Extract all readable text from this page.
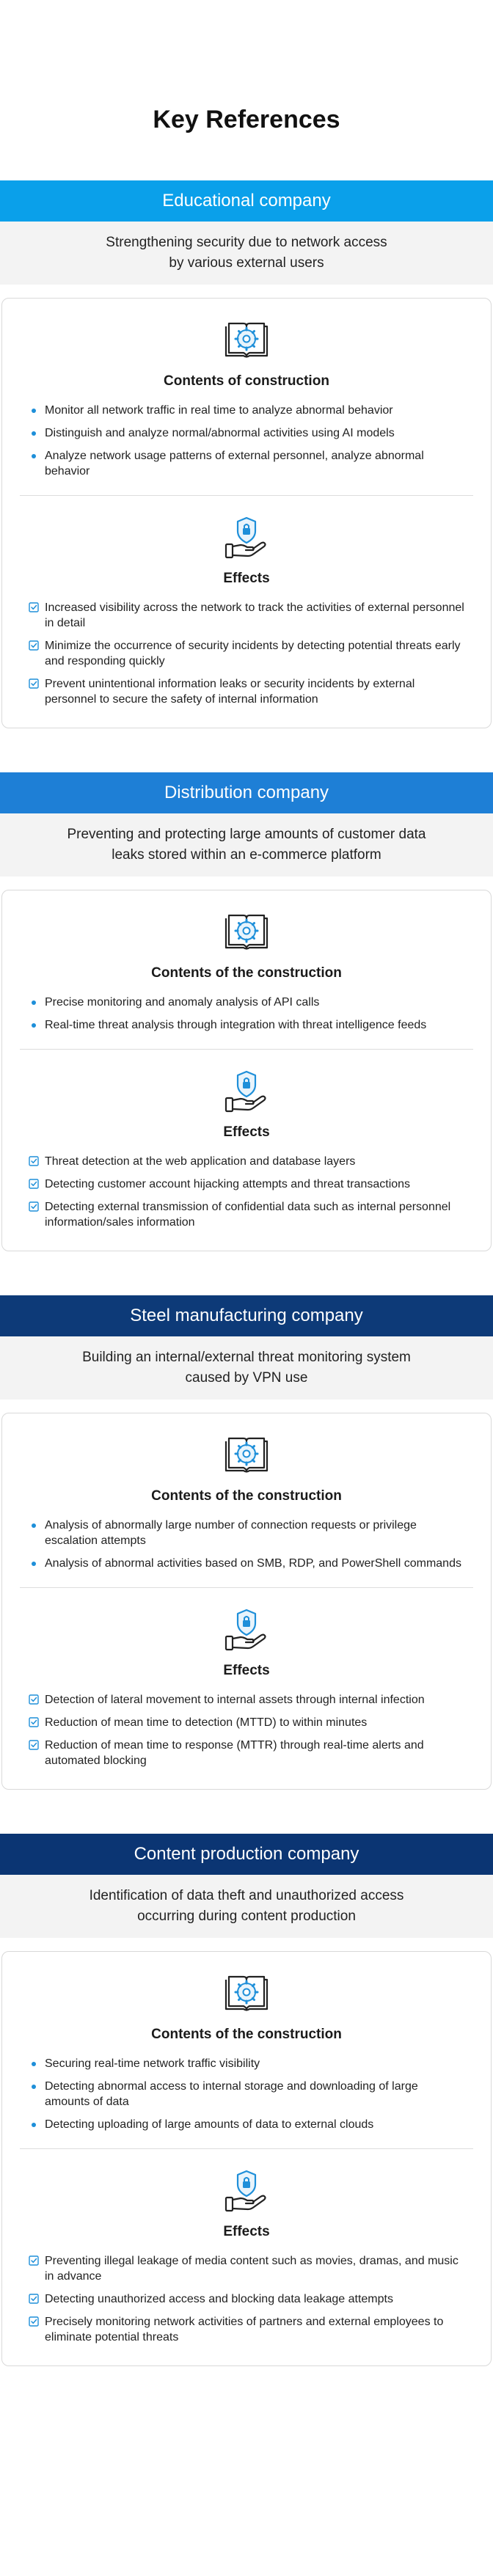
Key References
Educational company
Strengthening security due to network access
by various external users
Contents of construction
Monitor all network traffic in real time to analyze abnormal behavior
Distinguish and analyze normal/abnormal activities using AI models
Analyze network usage patterns of external personnel, analyze abnormal behavior
Effects
Increased visibility across the network to track the activities of external personnel in detail
Minimize the occurrence of security incidents by detecting potential threats early and responding quickly
Prevent unintentional information leaks or security incidents by external personnel to secure the safety of internal information
Distribution company
Preventing and protecting large amounts of customer data
leaks stored within an e-commerce platform
Contents of the construction
Precise monitoring and anomaly analysis of API calls
Real-time threat analysis through integration with threat intelligence feeds
Effects
Threat detection at the web application and database layers
Detecting customer account hijacking attempts and threat transactions
Detecting external transmission of confidential data such as internal personnel information/sales information
Steel manufacturing company
Building an internal/external threat monitoring system
caused by VPN use
Contents of the construction
Analysis of abnormally large number of connection requests or privilege escalation attempts
Analysis of abnormal activities based on SMB, RDP, and PowerShell commands
Effects
Detection of lateral movement to internal assets through internal infection
Reduction of mean time to detection (MTTD) to within minutes
Reduction of mean time to response (MTTR) through real-time alerts and automated blocking
Content production company
Identification of data theft and unauthorized access
occurring during content production
Contents of the construction
Securing real-time network traffic visibility
Detecting abnormal access to internal storage and downloading of large amounts of data
Detecting uploading of large amounts of data to external clouds
Effects
Preventing illegal leakage of media content such as movies, dramas, and music in advance
Detecting unauthorized access and blocking data leakage attempts
Precisely monitoring network activities of partners and external employees to eliminate potential threats
